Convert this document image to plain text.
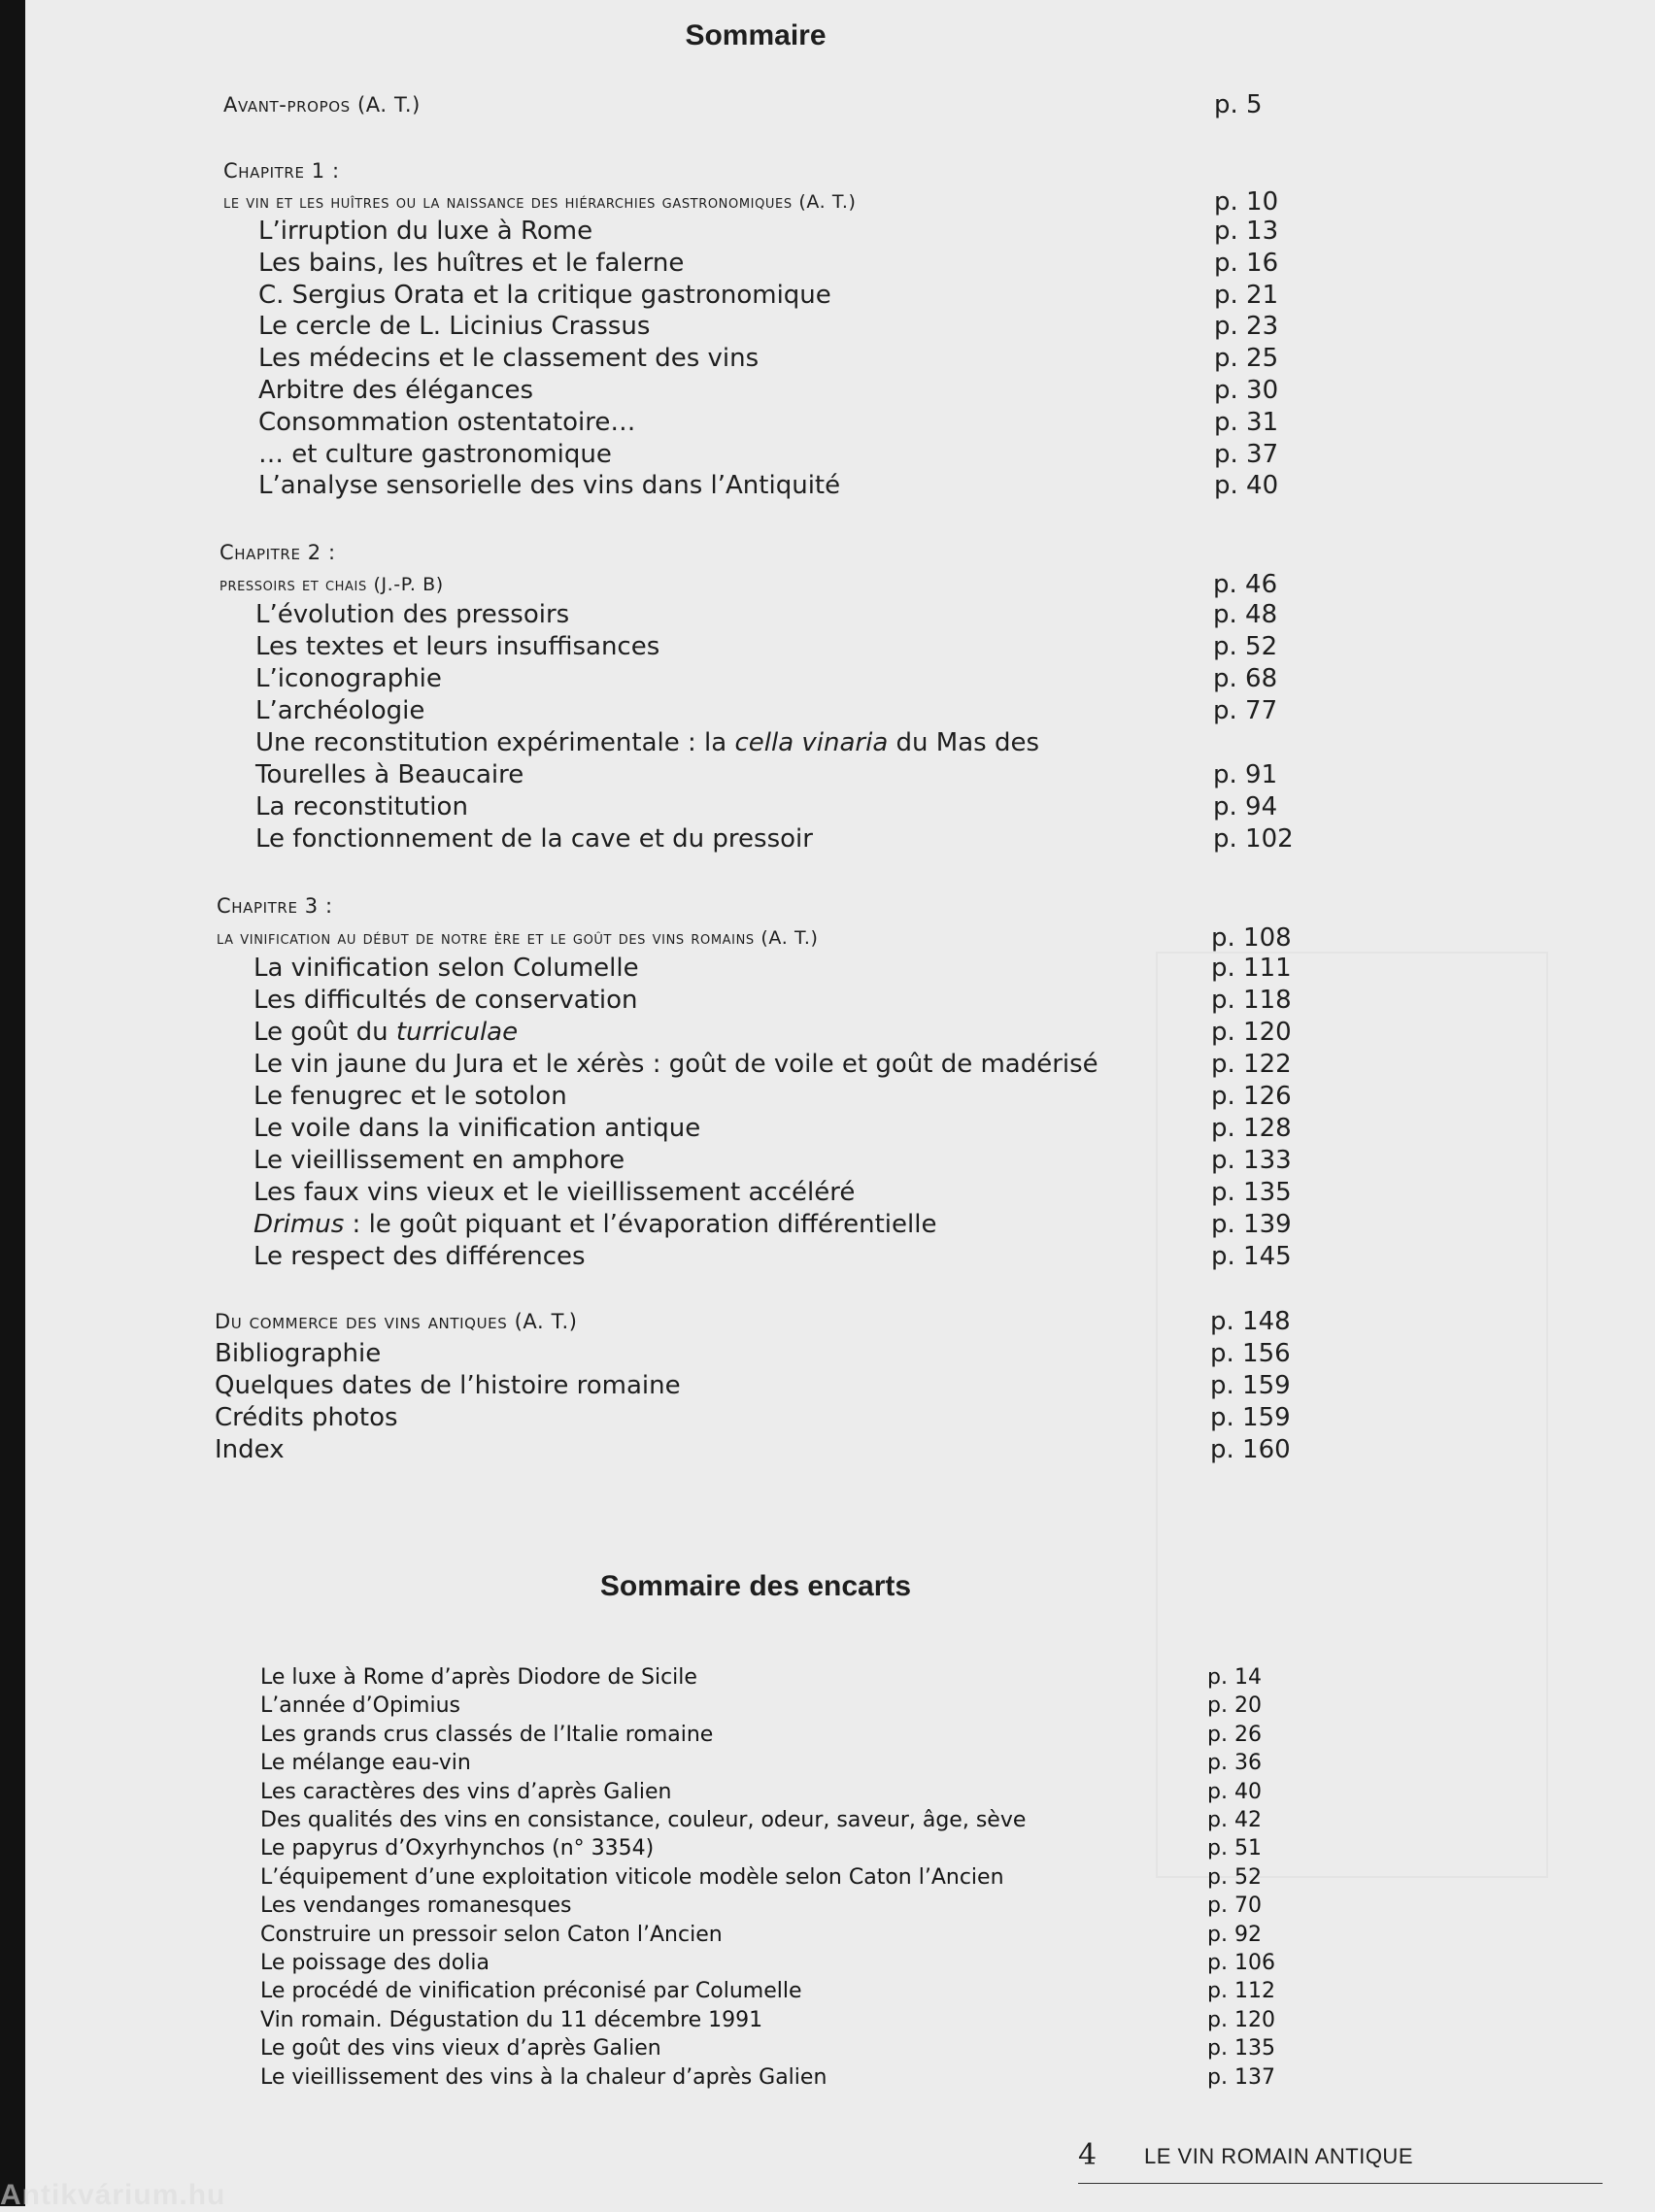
Sommaire
Avant-propos (A. T.)	p. 5
Chapitre 1 :
le vin et les huîtres ou la naissance des hiérarchies gastronomiques (A. T.)	p. 10
L’irruption du luxe à Rome	p. 13
Les bains, les huîtres et le falerne	p. 16
C. Sergius Orata et la critique gastronomique	p. 21
Le cercle de L. Licinius Crassus	p. 23
Les médecins et le classement des vins	p. 25
Arbitre des élégances	p. 30
Consommation ostentatoire…	p. 31
… et culture gastronomique	p. 37
L’analyse sensorielle des vins dans l’Antiquité	p. 40
Chapitre 2 :
pressoirs et chais (J.-P. B)	p. 46
L’évolution des pressoirs	p. 48
Les textes et leurs insuffisances	p. 52
L’iconographie	p. 68
L’archéologie	p. 77
Une reconstitution expérimentale : la cella vinaria du Mas des
Tourelles à Beaucaire	p. 91
La reconstitution	p. 94
Le fonctionnement de la cave et du pressoir	p. 102
Chapitre 3 :
la vinification au début de notre ère et le goût des vins romains (A. T.)	p. 108
La vinification selon Columelle	p. 111
Les difficultés de conservation	p. 118
Le goût du turriculae	p. 120
Le vin jaune du Jura et le xérès : goût de voile et goût de madérisé	p. 122
Le fenugrec et le sotolon	p. 126
Le voile dans la vinification antique	p. 128
Le vieillissement en amphore	p. 133
Les faux vins vieux et le vieillissement accéléré	p. 135
Drimus : le goût piquant et l’évaporation différentielle	p. 139
Le respect des différences	p. 145
Du commerce des vins antiques (A. T.)	p. 148
Bibliographie	p. 156
Quelques dates de l’histoire romaine	p. 159
Crédits photos	p. 159
Index	p. 160
Sommaire des encarts
Le luxe à Rome d’après Diodore de Sicile	p. 14
L’année d’Opimius	p. 20
Les grands crus classés de l’Italie romaine	p. 26
Le mélange eau-vin	p. 36
Les caractères des vins d’après Galien	p. 40
Des qualités des vins en consistance, couleur, odeur, saveur, âge, sève	p. 42
Le papyrus d’Oxyrhynchos (n° 3354)	p. 51
L’équipement d’une exploitation viticole modèle selon Caton l’Ancien	p. 52
Les vendanges romanesques	p. 70
Construire un pressoir selon Caton l’Ancien	p. 92
Le poissage des dolia	p. 106
Le procédé de vinification préconisé par Columelle	p. 112
Vin romain. Dégustation du 11 décembre 1991	p. 120
Le goût des vins vieux d’après Galien	p. 135
Le vieillissement des vins à la chaleur d’après Galien	p. 137
4 LE VIN ROMAIN ANTIQUE
Antikvárium.hu
